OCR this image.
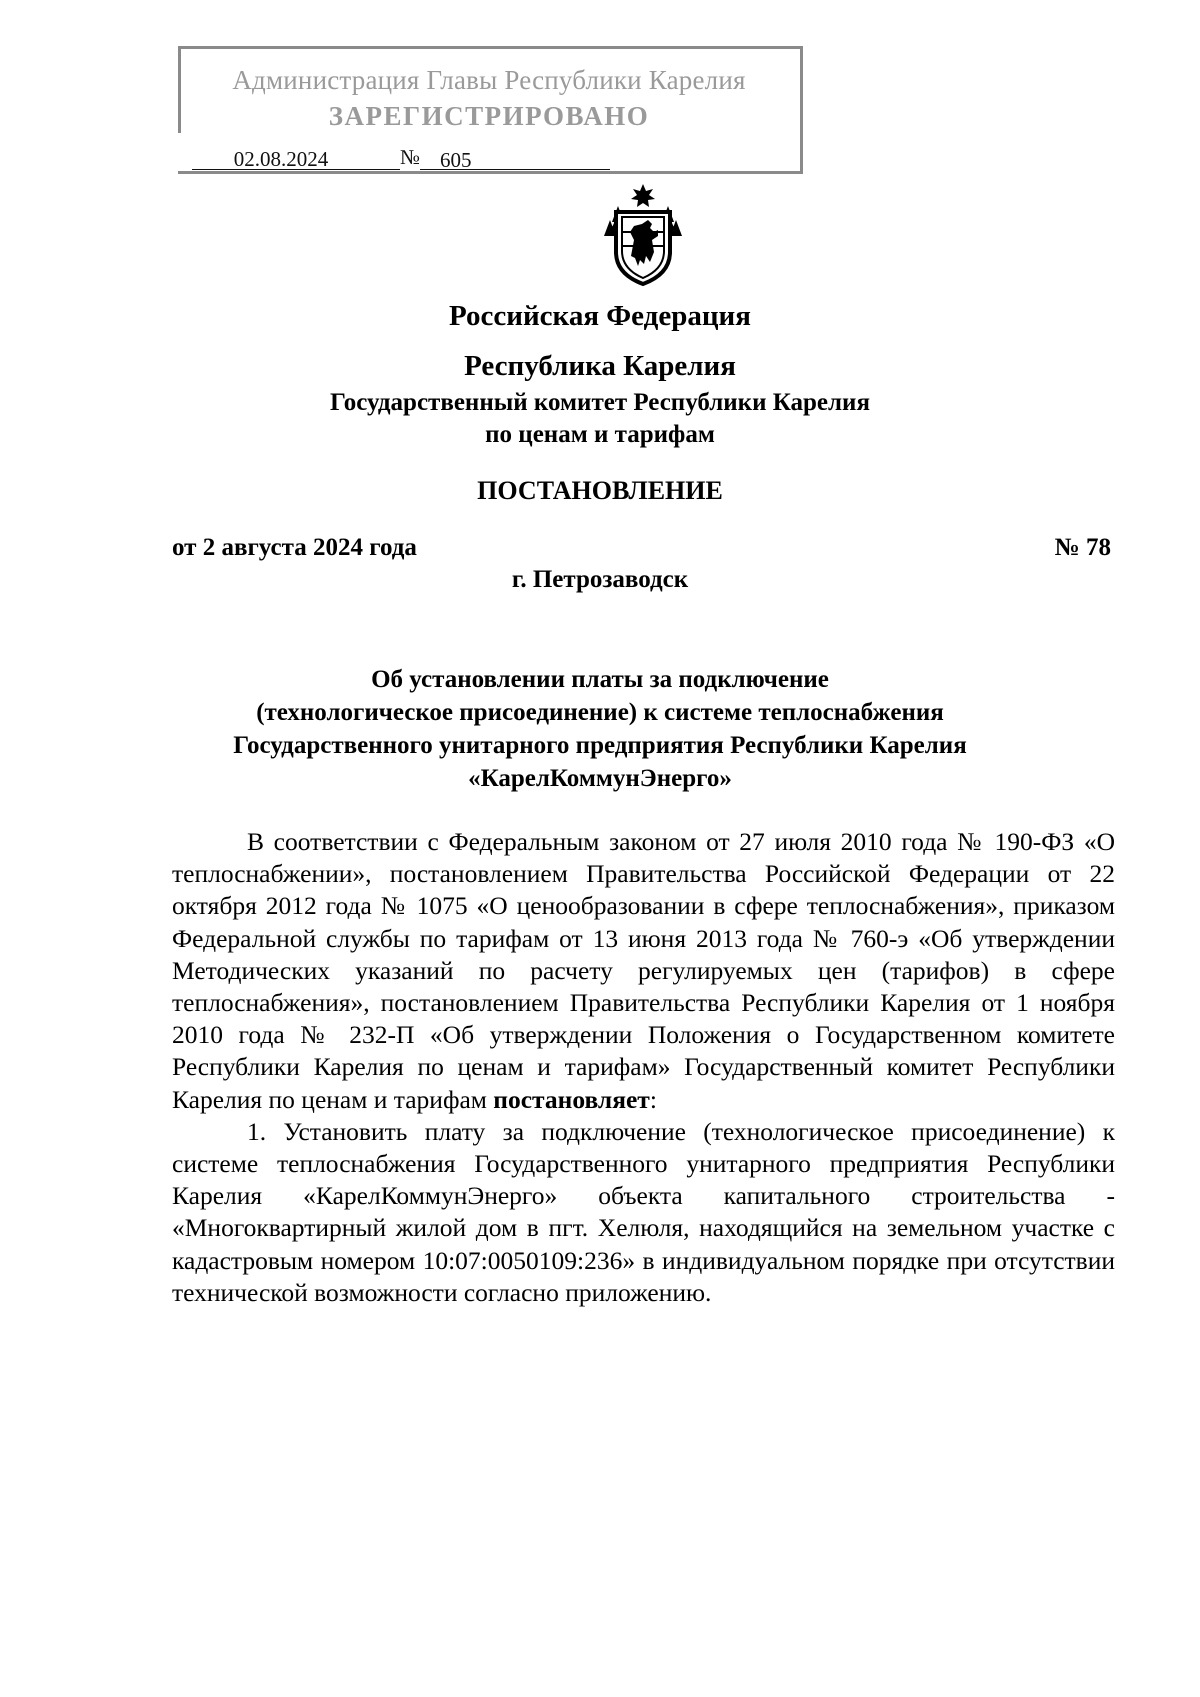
Администрация Главы Республики Карелия
ЗАРЕГИСТРИРОВАНО
02.08.2024	№ 605
Российская Федерация
Республика Карелия
Государственный комитет Республики Карелия
по ценам и тарифам
ПОСТАНОВЛЕНИЕ
от 2 августа 2024 года	№ 78
г. Петрозаводск
Об установлении платы за подключение
(технологическое присоединение) к системе теплоснабжения
Государственного унитарного предприятия Республики Карелия
«КарелКоммунЭнерго»

В соответствии с Федеральным законом от 27 июля 2010 года № 190-ФЗ «О теплоснабжении», постановлением Правительства Российской Федерации от 22 октября 2012 года № 1075 «О ценообразовании в сфере теплоснабжения», приказом Федеральной службы по тарифам от 13 июня 2013 года № 760-э «Об утверждении Методических указаний по расчету регулируемых цен (тарифов) в сфере теплоснабжения», постановлением Правительства Республики Карелия от 1 ноября 2010 года № 232-П «Об утверждении Положения о Государственном комитете Республики Карелия по ценам и тарифам» Государственный комитет Республики Карелия по ценам и тарифам постановляет:

1. Установить плату за подключение (технологическое присоединение) к системе теплоснабжения Государственного унитарного предприятия Республики Карелия «КарелКоммунЭнерго» объекта капитального строительства - «Многоквартирный жилой дом в пгт. Хелюля, находящийся на земельном участке с кадастровым номером 10:07:0050109:236» в индивидуальном порядке при отсутствии технической возможности согласно приложению.
